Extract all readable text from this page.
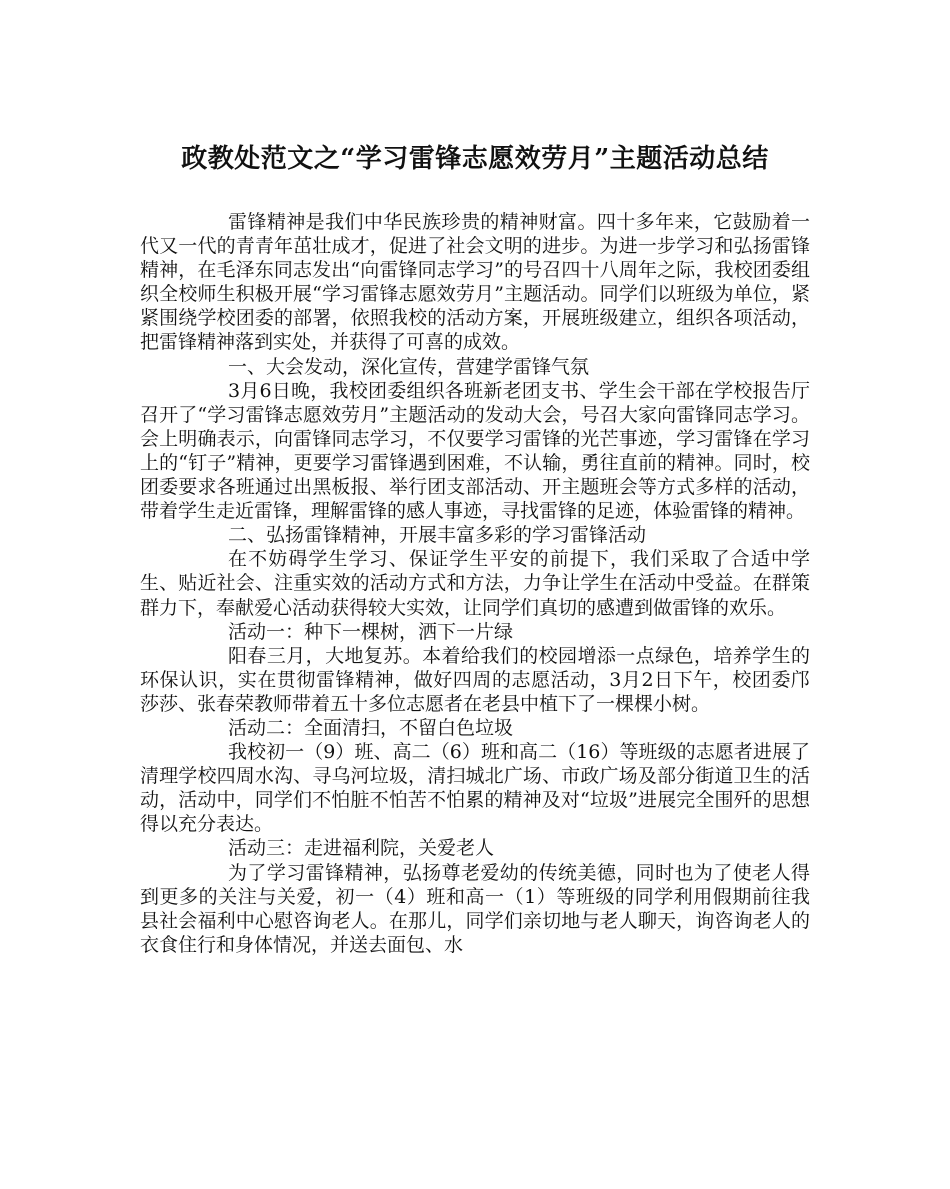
政教处范文之“学习雷锋志愿效劳月”主题活动总结

雷锋精神是我们中华民族珍贵的精神财富。四十多年来，它鼓励着一代又一代的青青年茁壮成才，促进了社会文明的进步。为进一步学习和弘扬雷锋精神，在毛泽东同志发出“向雷锋同志学习”的号召四十八周年之际，我校团委组织全校师生积极开展“学习雷锋志愿效劳月”主题活动。同学们以班级为单位，紧紧围绕学校团委的部署，依照我校的活动方案，开展班级建立，组织各项活动，把雷锋精神落到实处，并获得了可喜的成效。

一、大会发动，深化宣传，营建学雷锋气氛

3月6日晚，我校团委组织各班新老团支书、学生会干部在学校报告厅召开了“学习雷锋志愿效劳月”主题活动的发动大会，号召大家向雷锋同志学习。会上明确表示，向雷锋同志学习，不仅要学习雷锋的光芒事迹，学习雷锋在学习上的“钉子”精神，更要学习雷锋遇到困难，不认输，勇往直前的精神。同时，校团委要求各班通过出黑板报、举行团支部活动、开主题班会等方式多样的活动，带着学生走近雷锋，理解雷锋的感人事迹，寻找雷锋的足迹，体验雷锋的精神。

二、弘扬雷锋精神，开展丰富多彩的学习雷锋活动

在不妨碍学生学习、保证学生平安的前提下，我们采取了合适中学生、贴近社会、注重实效的活动方式和方法，力争让学生在活动中受益。在群策群力下，奉献爱心活动获得较大实效，让同学们真切的感遭到做雷锋的欢乐。

活动一：种下一棵树，洒下一片绿

阳春三月，大地复苏。本着给我们的校园增添一点绿色，培养学生的环保认识，实在贯彻雷锋精神，做好四周的志愿活动，3月2日下午，校团委邝莎莎、张春荣教师带着五十多位志愿者在老县中植下了一棵棵小树。

活动二：全面清扫，不留白色垃圾

我校初一（9）班、高二（6）班和高二（16）等班级的志愿者进展了清理学校四周水沟、寻乌河垃圾，清扫城北广场、市政广场及部分街道卫生的活动，活动中，同学们不怕脏不怕苦不怕累的精神及对“垃圾”进展完全围歼的思想得以充分表达。

活动三：走进福利院，关爱老人

为了学习雷锋精神，弘扬尊老爱幼的传统美德，同时也为了使老人得到更多的关注与关爱，初一（4）班和高一（1）等班级的同学利用假期前往我县社会福利中心慰咨询老人。在那儿，同学们亲切地与老人聊天，询咨询老人的衣食住行和身体情况，并送去面包、水
